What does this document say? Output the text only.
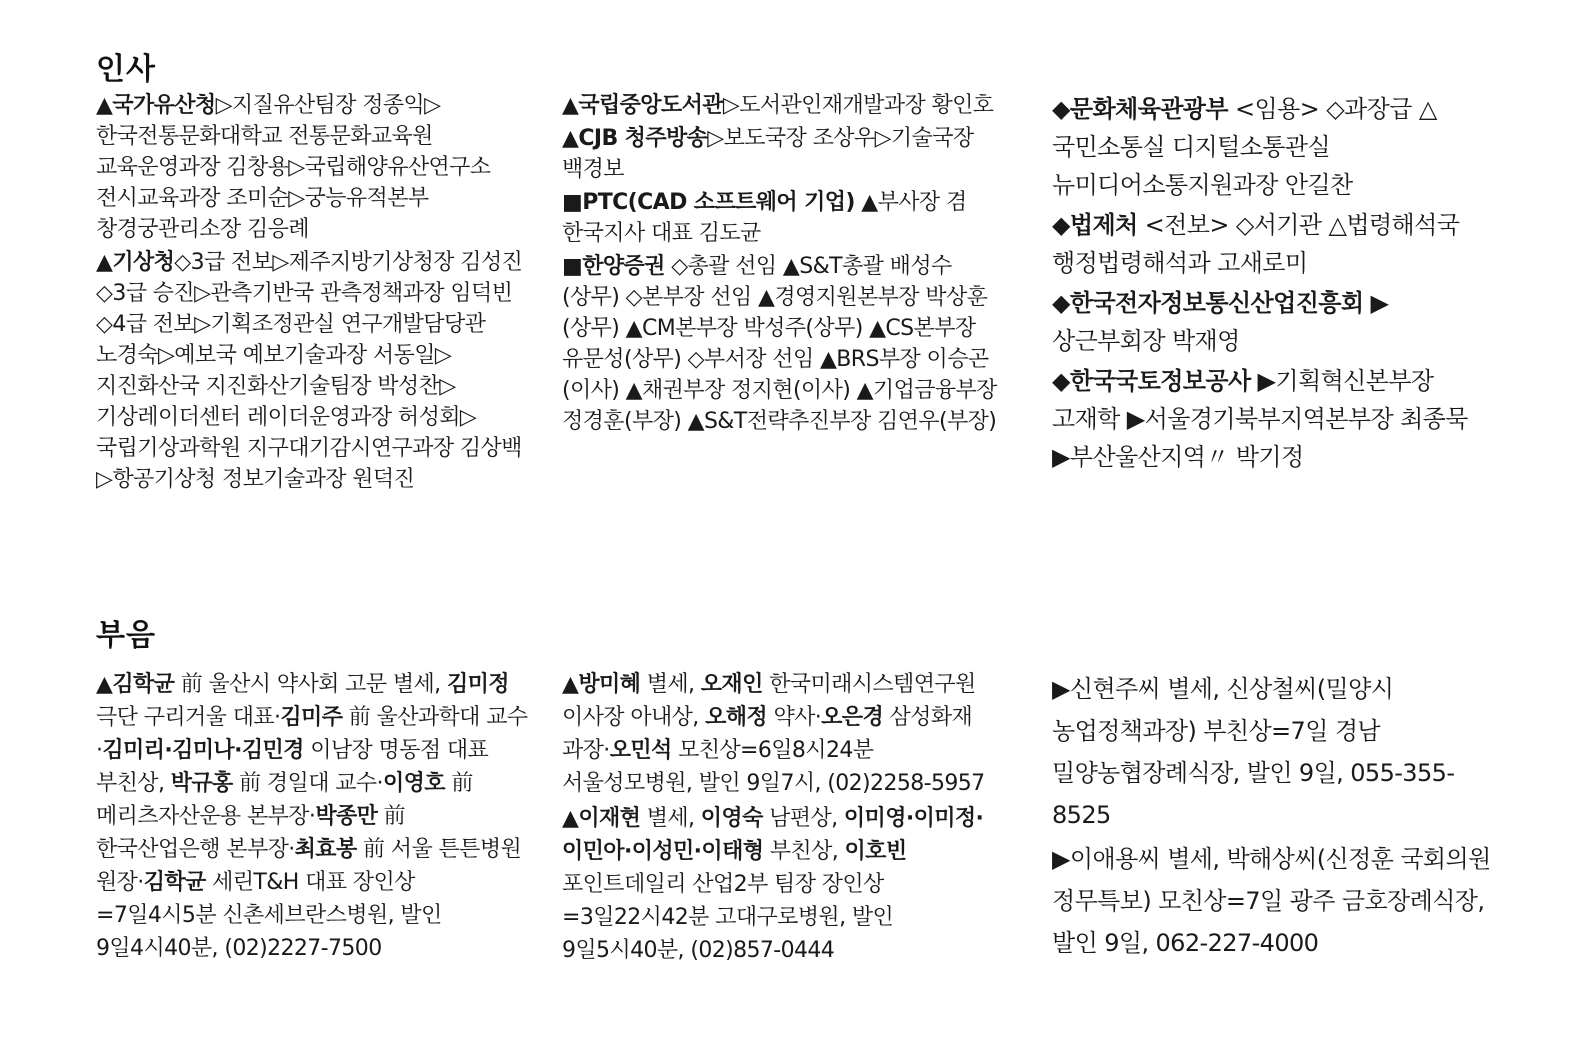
인사

▲국가유산청▷지질유산팀장 정종익▷한국전통문화대학교 전통문화교육원 교육운영과장 김창용▷국립해양유산연구소 전시교육과장 조미순▷궁능유적본부 창경궁관리소장 김응례

▲기상청◇3급 전보▷제주지방기상청장 김성진◇3급 승진▷관측기반국 관측정책과장 임덕빈◇4급 전보▷기획조정관실 연구개발담당관 노경숙▷예보국 예보기술과장 서동일▷지진화산국 지진화산기술팀장 박성찬▷기상레이더센터 레이더운영과장 허성회▷국립기상과학원 지구대기감시연구과장 김상백▷항공기상청 정보기술과장 원덕진

▲국립중앙도서관▷도서관인재개발과장 황인호

▲CJB 청주방송▷보도국장 조상우▷기술국장 백경보

■PTC(CAD 소프트웨어 기업) ▲부사장 겸 한국지사 대표 김도균

■한양증권 ◇총괄 선임 ▲S&T총괄 배성수(상무) ◇본부장 선임 ▲경영지원본부장 박상훈(상무) ▲CM본부장 박성주(상무) ▲CS본부장 유문성(상무) ◇부서장 선임 ▲BRS부장 이승곤(이사) ▲채권부장 정지현(이사) ▲기업금융부장 정경훈(부장) ▲S&T전략추진부장 김연우(부장)

◆문화체육관광부 <임용> ◇과장급 △국민소통실 디지털소통관실 뉴미디어소통지원과장 안길찬

◆법제처 <전보> ◇서기관 △법령해석국 행정법령해석과 고새로미

◆한국전자정보통신산업진흥회 ▶상근부회장 박재영

◆한국국토정보공사 ▶기획혁신본부장 고재학 ▶서울경기북부지역본부장 최종묵 ▶부산울산지역〃 박기정

부음

▲김학균 前 울산시 약사회 고문 별세, 김미정 극단 구리거울 대표·김미주 前 울산과학대 교수·김미리·김미나·김민경 이남장 명동점 대표 부친상, 박규홍 前 경일대 교수·이영호 前 메리츠자산운용 본부장·박종만 前 한국산업은행 본부장·최효봉 前 서울 튼튼병원 원장·김학균 세린T&H 대표 장인상=7일4시5분 신촌세브란스병원, 발인 9일4시40분, (02)2227-7500

▲방미혜 별세, 오재인 한국미래시스템연구원 이사장 아내상, 오해정 약사·오은경 삼성화재 과장·오민석 모친상=6일8시24분 서울성모병원, 발인 9일7시, (02)2258-5957

▲이재현 별세, 이영숙 남편상, 이미영·이미정·이민아·이성민·이태형 부친상, 이호빈 포인트데일리 산업2부 팀장 장인상=3일22시42분 고대구로병원, 발인 9일5시40분, (02)857-0444

▶신현주씨 별세, 신상철씨(밀양시 농업정책과장) 부친상=7일 경남 밀양농협장례식장, 발인 9일, 055-355-8525

▶이애용씨 별세, 박해상씨(신정훈 국회의원 정무특보) 모친상=7일 광주 금호장례식장, 발인 9일, 062-227-4000
